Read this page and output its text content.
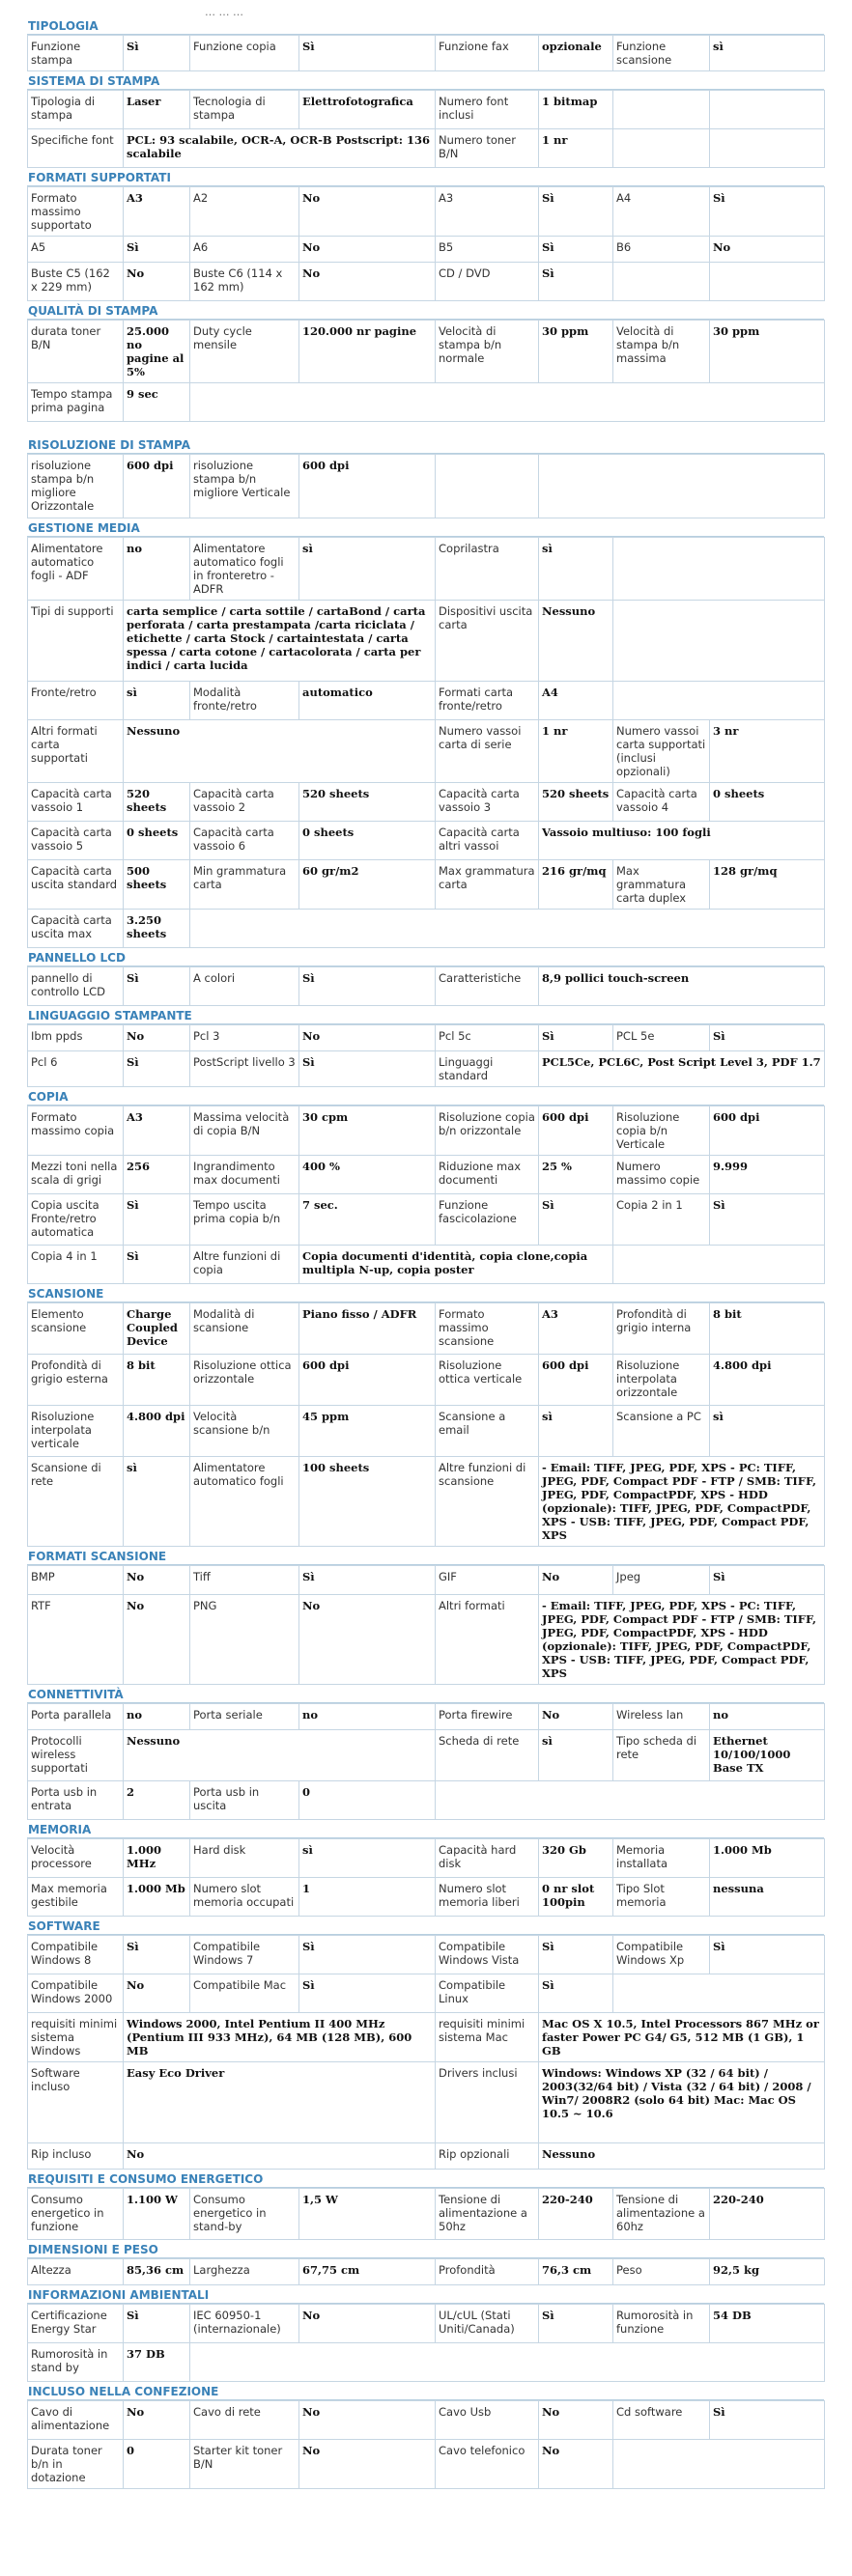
… … …
TIPOLOGIA
Funzione stampa	Sì	Funzione copia	Sì	Funzione fax	opzionale	Funzione scansione	sì
SISTEMA DI STAMPA
Tipologia di stampa	Laser	Tecnologia di stampa	Elettrofotografica	Numero font inclusi	1 bitmap		
Specifiche font	PCL: 93 scalabile, OCR-A, OCR-B Postscript: 136 scalabile			Numero toner B/N	1 nr		
FORMATI SUPPORTATI
Formato massimo supportato	A3	A2	No	A3	Sì	A4	Sì
A5	Sì	A6	No	B5	Sì	B6	No
Buste C5 (162 x 229 mm)	No	Buste C6 (114 x 162 mm)	No	CD / DVD	Sì		
QUALITÀ DI STAMPA
durata toner B/N	25.000 no pagine al 5%	Duty cycle mensile	120.000 nr pagine	Velocità di stampa b/n normale	30 ppm	Velocità di stampa b/n massima	30 ppm
Tempo stampa prima pagina	9 sec						
RISOLUZIONE DI STAMPA
risoluzione stampa b/n migliore Orizzontale	600 dpi	risoluzione stampa b/n migliore Verticale	600 dpi		
GESTIONE MEDIA
Alimentatore automatico fogli - ADF	no	Alimentatore automatico fogli in fronteretro - ADFR	sì	Coprilastra	sì		
Tipi di supporti	carta semplice / carta sottile / cartaBond / carta perforata / carta prestampata /carta riciclata / etichette / carta Stock / cartaintestata / carta spessa / carta cotone / cartacolorata / carta per indici / carta lucida			Dispositivi uscita carta	Nessuno		
Fronte/retro	sì	Modalità fronte/retro	automatico	Formati carta fronte/retro	A4		
Altri formati carta supportati	Nessuno			Numero vassoi carta di serie	1 nr	Numero vassoi carta supportati (inclusi opzionali)	3 nr
Capacità carta vassoio 1	520 sheets	Capacità carta vassoio 2	520 sheets	Capacità carta vassoio 3	520 sheets	Capacità carta vassoio 4	0 sheets
Capacità carta vassoio 5	0 sheets	Capacità carta vassoio 6	0 sheets	Capacità carta altri vassoi	Vassoio multiuso: 100 fogli		
Capacità carta uscita standard	500 sheets	Min grammatura carta	60 gr/m2	Max grammatura carta	216 gr/mq	Max grammatura carta duplex	128 gr/mq
Capacità carta uscita max	3.250 sheets						
PANNELLO LCD
pannello di controllo LCD	Sì	A colori	Sì	Caratteristiche	8,9 pollici touch-screen
LINGUAGGIO STAMPANTE
Ibm ppds	No	Pcl 3	No	Pcl 5c	Sì	PCL 5e	Sì
Pcl 6	Sì	PostScript livello 3	Sì	Linguaggi standard	PCL5Ce, PCL6C, Post Script Level 3, PDF 1.7		
COPIA
Formato massimo copia	A3	Massima velocità di copia B/N	30 cpm	Risoluzione copia b/n orizzontale	600 dpi	Risoluzione copia b/n Verticale	600 dpi
Mezzi toni nella scala di grigi	256	Ingrandimento max documenti	400 %	Riduzione max documenti	25 %	Numero massimo copie	9.999
Copia uscita Fronte/retro automatica	Sì	Tempo uscita prima copia b/n	7 sec.	Funzione fascicolazione	Sì	Copia 2 in 1	Sì
Copia 4 in 1	Sì	Altre funzioni di copia	Copia documenti d'identità, copia clone,copia multipla N-up, copia poster				
SCANSIONE
Elemento scansione	Charge Coupled Device	Modalità di scansione	Piano fisso / ADFR	Formato massimo scansione	A3	Profondità di grigio interna	8 bit
Profondità di grigio esterna	8 bit	Risoluzione ottica orizzontale	600 dpi	Risoluzione ottica verticale	600 dpi	Risoluzione interpolata orizzontale	4.800 dpi
Risoluzione interpolata verticale	4.800 dpi	Velocità scansione b/n	45 ppm	Scansione a email	sì	Scansione a PC	sì
Scansione di rete	sì	Alimentatore automatico fogli	100 sheets	Altre funzioni di scansione	- Email: TIFF, JPEG, PDF, XPS - PC: TIFF, JPEG, PDF, Compact PDF - FTP / SMB: TIFF, JPEG, PDF, CompactPDF, XPS - HDD (opzionale): TIFF, JPEG, PDF, CompactPDF, XPS - USB: TIFF, JPEG, PDF, Compact PDF, XPS		
FORMATI SCANSIONE
BMP	No	Tiff	Sì	GIF	No	Jpeg	Sì
RTF	No	PNG	No	Altri formati	- Email: TIFF, JPEG, PDF, XPS - PC: TIFF, JPEG, PDF, Compact PDF - FTP / SMB: TIFF, JPEG, PDF, CompactPDF, XPS - HDD (opzionale): TIFF, JPEG, PDF, CompactPDF, XPS - USB: TIFF, JPEG, PDF, Compact PDF, XPS		
CONNETTIVITÀ
Porta parallela	no	Porta seriale	no	Porta firewire	No	Wireless lan	no
Protocolli wireless supportati	Nessuno			Scheda di rete	sì	Tipo scheda di rete	Ethernet 10/100/1000 Base TX
Porta usb in entrata	2	Porta usb in uscita	0				
MEMORIA
Velocità processore	1.000 MHz	Hard disk	sì	Capacità hard disk	320 Gb	Memoria installata	1.000 Mb
Max memoria gestibile	1.000 Mb	Numero slot memoria occupati	1	Numero slot memoria liberi	0 nr slot 100pin	Tipo Slot memoria	nessuna
SOFTWARE
Compatibile Windows 8	Sì	Compatibile Windows 7	Sì	Compatibile Windows Vista	Sì	Compatibile Windows Xp	Sì
Compatibile Windows 2000	No	Compatibile Mac	Sì	Compatibile Linux	Sì		
requisiti minimi sistema Windows	Windows 2000, Intel Pentium II 400 MHz (Pentium III 933 MHz), 64 MB (128 MB), 600 MB			requisiti minimi sistema Mac	Mac OS X 10.5, Intel Processors 867 MHz or faster Power PC G4/ G5, 512 MB (1 GB), 1 GB		
Software incluso	Easy Eco Driver			Drivers inclusi	Windows: Windows XP (32 / 64 bit) / 2003(32/64 bit) / Vista (32 / 64 bit) / 2008 / Win7/ 2008R2 (solo 64 bit) Mac: Mac OS 10.5 ~ 10.6		
Rip incluso	No			Rip opzionali	Nessuno		
REQUISITI E CONSUMO ENERGETICO
Consumo energetico in funzione	1.100 W	Consumo energetico in stand-by	1,5 W	Tensione di alimentazione a 50hz	220-240	Tensione di alimentazione a 60hz	220-240
DIMENSIONI E PESO
Altezza	85,36 cm	Larghezza	67,75 cm	Profondità	76,3 cm	Peso	92,5 kg
INFORMAZIONI AMBIENTALI
Certificazione Energy Star	Sì	IEC 60950-1 (internazionale)	No	UL/cUL (Stati Uniti/Canada)	Sì	Rumorosità in funzione	54 DB
Rumorosità in stand by	37 DB						
INCLUSO NELLA CONFEZIONE
Cavo di alimentazione	No	Cavo di rete	No	Cavo Usb	No	Cd software	Sì
Durata toner b/n in dotazione	0	Starter kit toner B/N	No	Cavo telefonico	No		
